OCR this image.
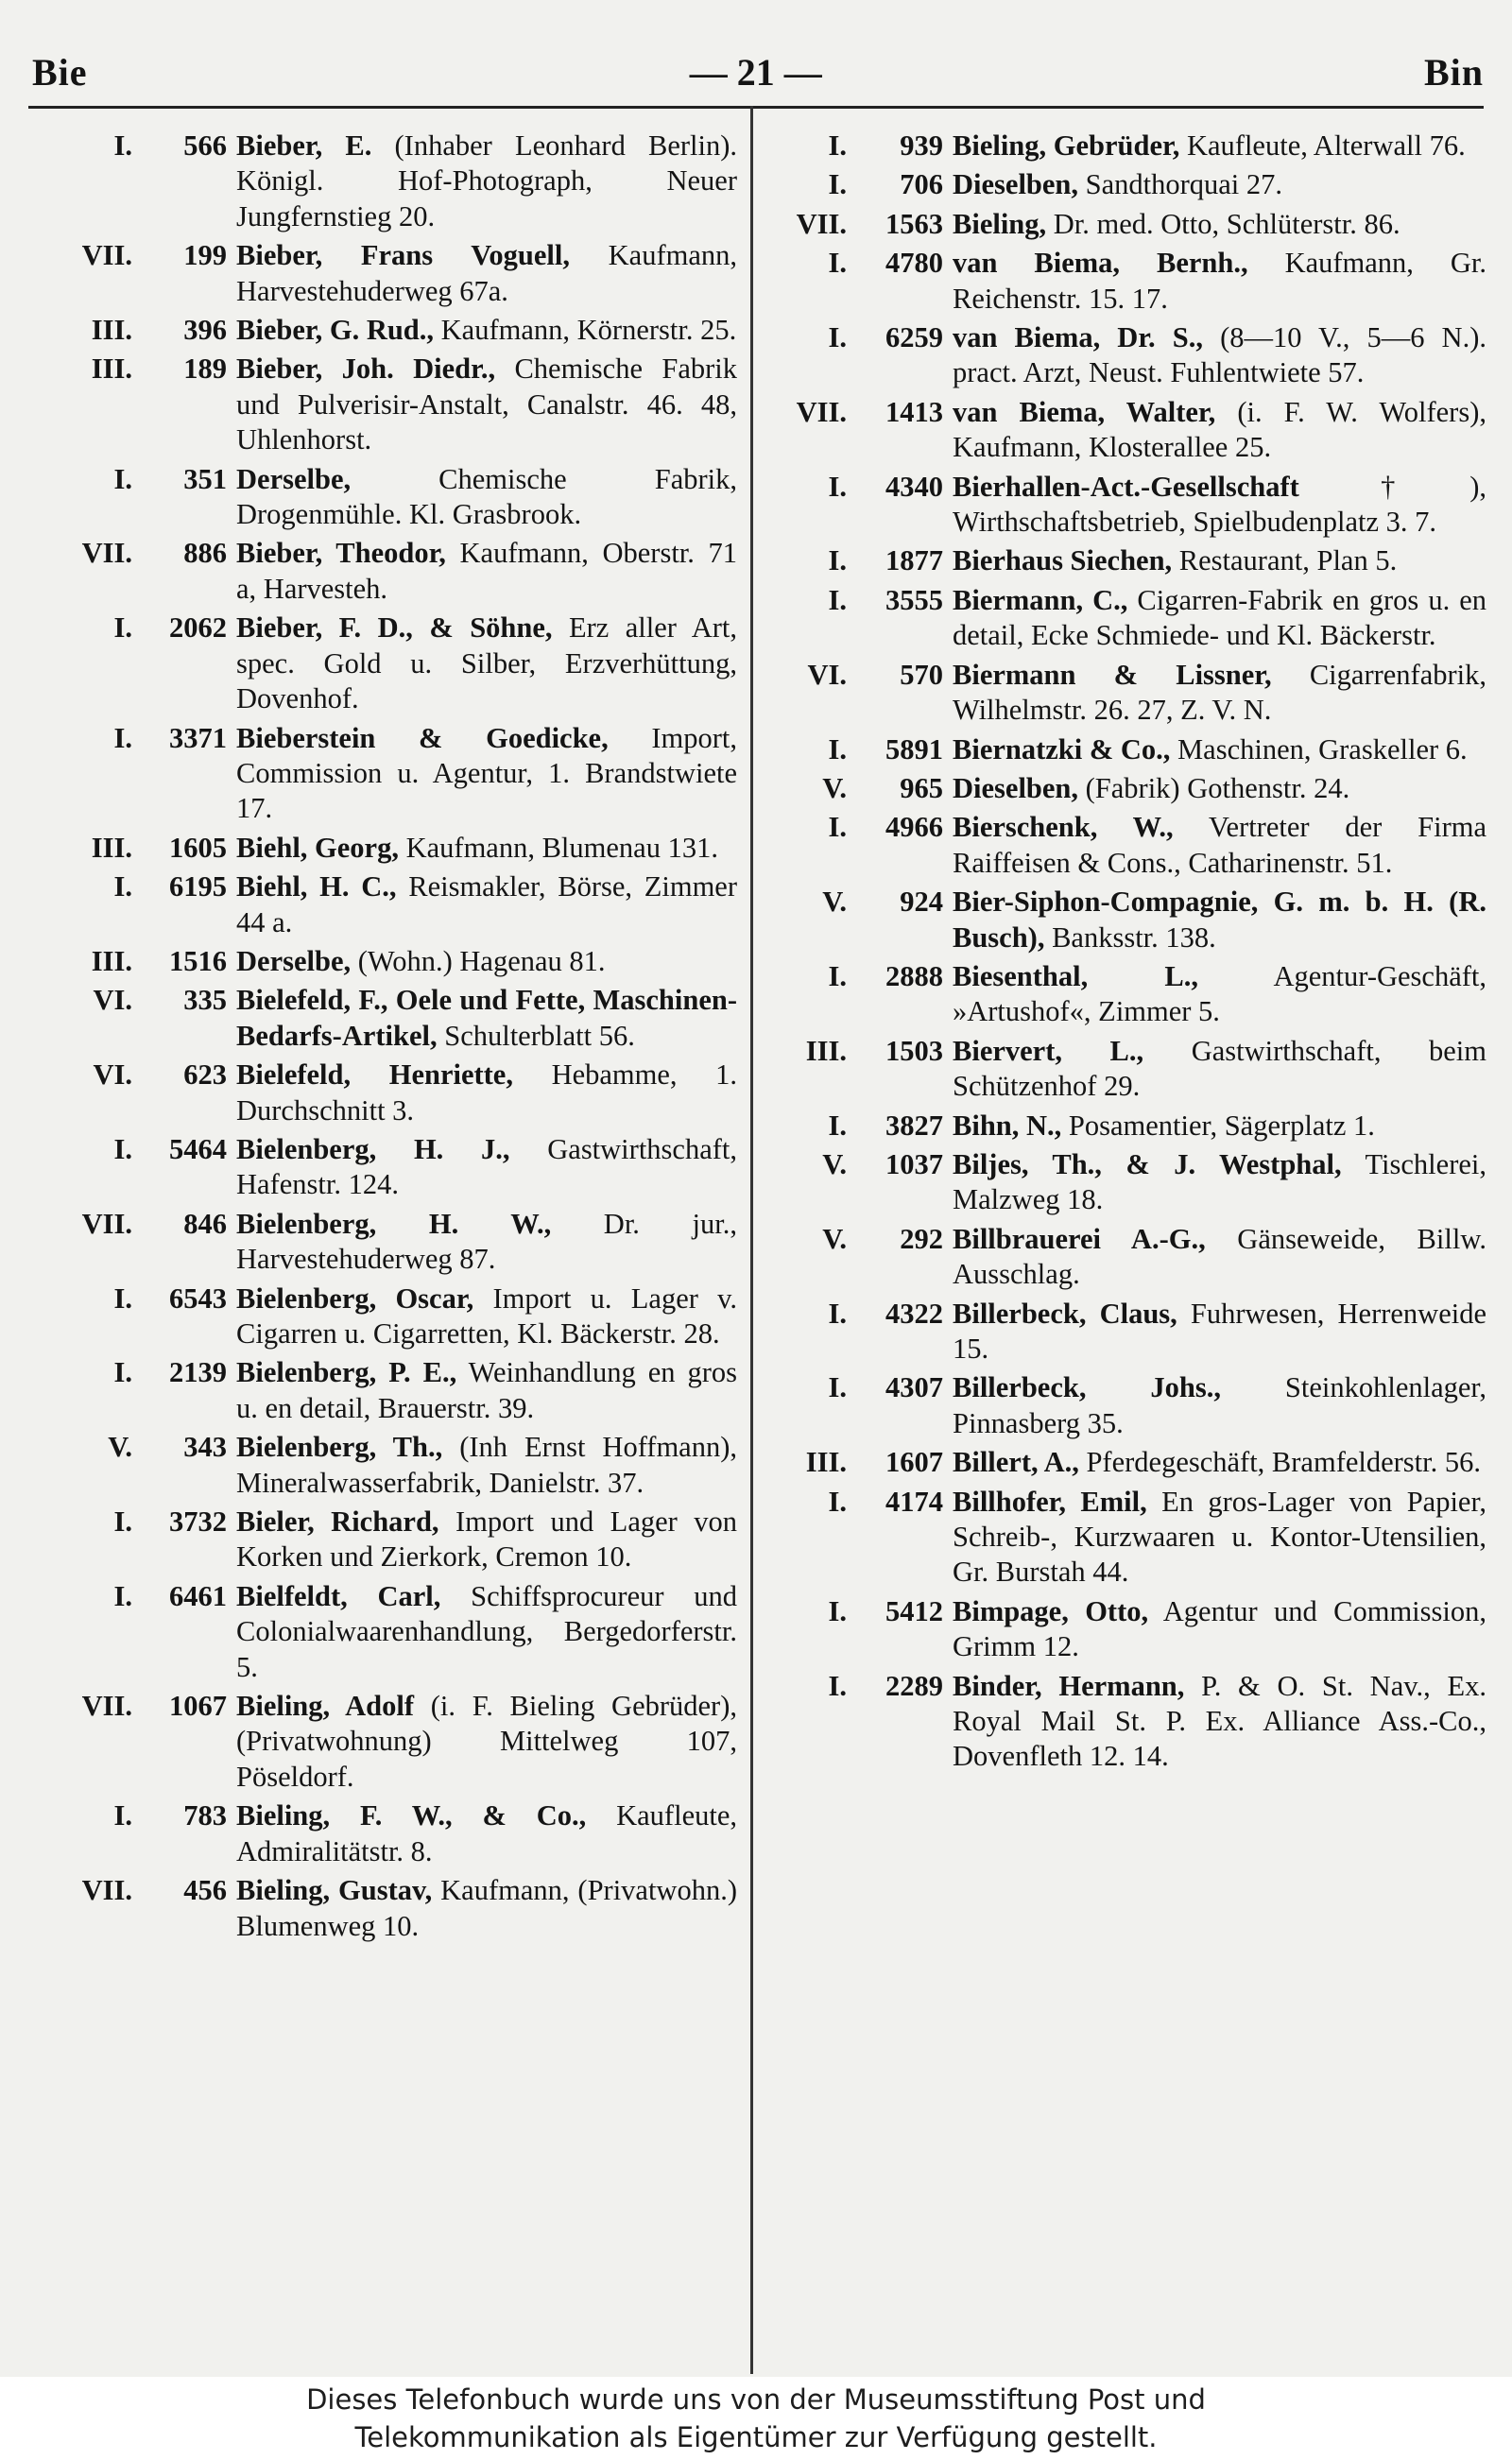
Bie	— 21 —	Bin
I.	566 Bieber, E. (Inhaber Leonhard Berlin). Königl. Hof-Photograph, Neuer Jungfernstieg 20.
VII.	199 Bieber, Frans Voguell, Kaufmann, Harvestehuderweg 67a.
III.	396 Bieber, G. Rud., Kaufmann, Körnerstr. 25.
III.	189 Bieber, Joh. Diedr., Chemische Fabrik und Pulverisir-Anstalt, Canalstr. 46. 48, Uhlenhorst.
I.	351 Derselbe, Chemische Fabrik, Drogenmühle. Kl. Grasbrook.
VII.	886 Bieber, Theodor, Kaufmann, Oberstr. 71 a, Harvesteh.
I.	2062 Bieber, F. D., & Söhne, Erz aller Art, spec. Gold u. Silber, Erzverhüttung, Dovenhof.
I.	3371 Bieberstein & Goedicke, Import, Commission u. Agentur, 1. Brandstwiete 17.
III.	1605 Biehl, Georg, Kaufmann, Blumenau 131.
I.	6195 Biehl, H. C., Reismakler, Börse, Zimmer 44 a.
III.	1516 Derselbe, (Wohn.) Hagenau 81.
VI.	335 Bielefeld, F., Oele und Fette, Maschinen-Bedarfs-Artikel, Schulterblatt 56.
VI.	623 Bielefeld, Henriette, Hebamme, 1. Durchschnitt 3.
I.	5464 Bielenberg, H. J., Gastwirthschaft, Hafenstr. 124.
VII.	846 Bielenberg, H. W., Dr. jur., Harvestehuderweg 87.
I.	6543 Bielenberg, Oscar, Import u. Lager v. Cigarren u. Cigarretten, Kl. Bäckerstr. 28.
I.	2139 Bielenberg, P. E., Weinhandlung en gros u. en detail, Brauerstr. 39.
V.	343 Bielenberg, Th., (Inh Ernst Hoffmann), Mineralwasserfabrik, Danielstr. 37.
I.	3732 Bieler, Richard, Import und Lager von Korken und Zierkork, Cremon 10.
I.	6461 Bielfeldt, Carl, Schiffsprocureur und Colonialwaarenhandlung, Bergedorferstr. 5.
VII.	1067 Bieling, Adolf (i. F. Bieling Gebrüder), (Privatwohnung) Mittelweg 107, Pöseldorf.
I.	783 Bieling, F. W., & Co., Kaufleute, Admiralitätstr. 8.
VII.	456 Bieling, Gustav, Kaufmann, (Privatwohn.) Blumenweg 10.
I.	939 Bieling, Gebrüder, Kaufleute, Alterwall 76.
I.	706 Dieselben, Sandthorquai 27.
VII.	1563 Bieling, Dr. med. Otto, Schlüterstr. 86.
I.	4780 van Biema, Bernh., Kaufmann, Gr. Reichenstr. 15. 17.
I.	6259 van Biema, Dr. S., (8—10 V., 5—6 N.). pract. Arzt, Neust. Fuhlentwiete 57.
VII.	1413 van Biema, Walter, (i. F. W. Wolfers), Kaufmann, Klosterallee 25.
I.	4340 Bierhallen-Act.-Gesellschaft †), Wirthschaftsbetrieb, Spielbudenplatz 3. 7.
I.	1877 Bierhaus Siechen, Restaurant, Plan 5.
I.	3555 Biermann, C., Cigarren-Fabrik en gros u. en detail, Ecke Schmiede- und Kl. Bäckerstr.
VI.	570 Biermann & Lissner, Cigarrenfabrik, Wilhelmstr. 26. 27, Z. V. N.
I.	5891 Biernatzki & Co., Maschinen, Graskeller 6.
V.	965 Dieselben, (Fabrik) Gothenstr. 24.
I.	4966 Bierschenk, W., Vertreter der Firma Raiffeisen & Cons., Catharinenstr. 51.
V.	924 Bier-Siphon-Compagnie, G. m. b. H. (R. Busch), Banksstr. 138.
I.	2888 Biesenthal, L., Agentur-Geschäft, »Artushof«, Zimmer 5.
III.	1503 Biervert, L., Gastwirthschaft, beim Schützenhof 29.
I.	3827 Bihn, N., Posamentier, Sägerplatz 1.
V.	1037 Biljes, Th., & J. Westphal, Tischlerei, Malzweg 18.
V.	292 Billbrauerei A.-G., Gänseweide, Billw. Ausschlag.
I.	4322 Billerbeck, Claus, Fuhrwesen, Herrenweide 15.
I.	4307 Billerbeck, Johs., Steinkohlenlager, Pinnasberg 35.
III.	1607 Billert, A., Pferdegeschäft, Bramfelderstr. 56.
I.	4174 Billhofer, Emil, En gros-Lager von Papier, Schreib-, Kurzwaaren u. Kontor-Utensilien, Gr. Burstah 44.
I.	5412 Bimpage, Otto, Agentur und Commission, Grimm 12.
I.	2289 Binder, Hermann, P. & O. St. Nav., Ex. Royal Mail St. P. Ex. Alliance Ass.-Co., Dovenfleth 12. 14.
Dieses Telefonbuch wurde uns von der Museumsstiftung Post und
Telekommunikation als Eigentümer zur Verfügung gestellt.
